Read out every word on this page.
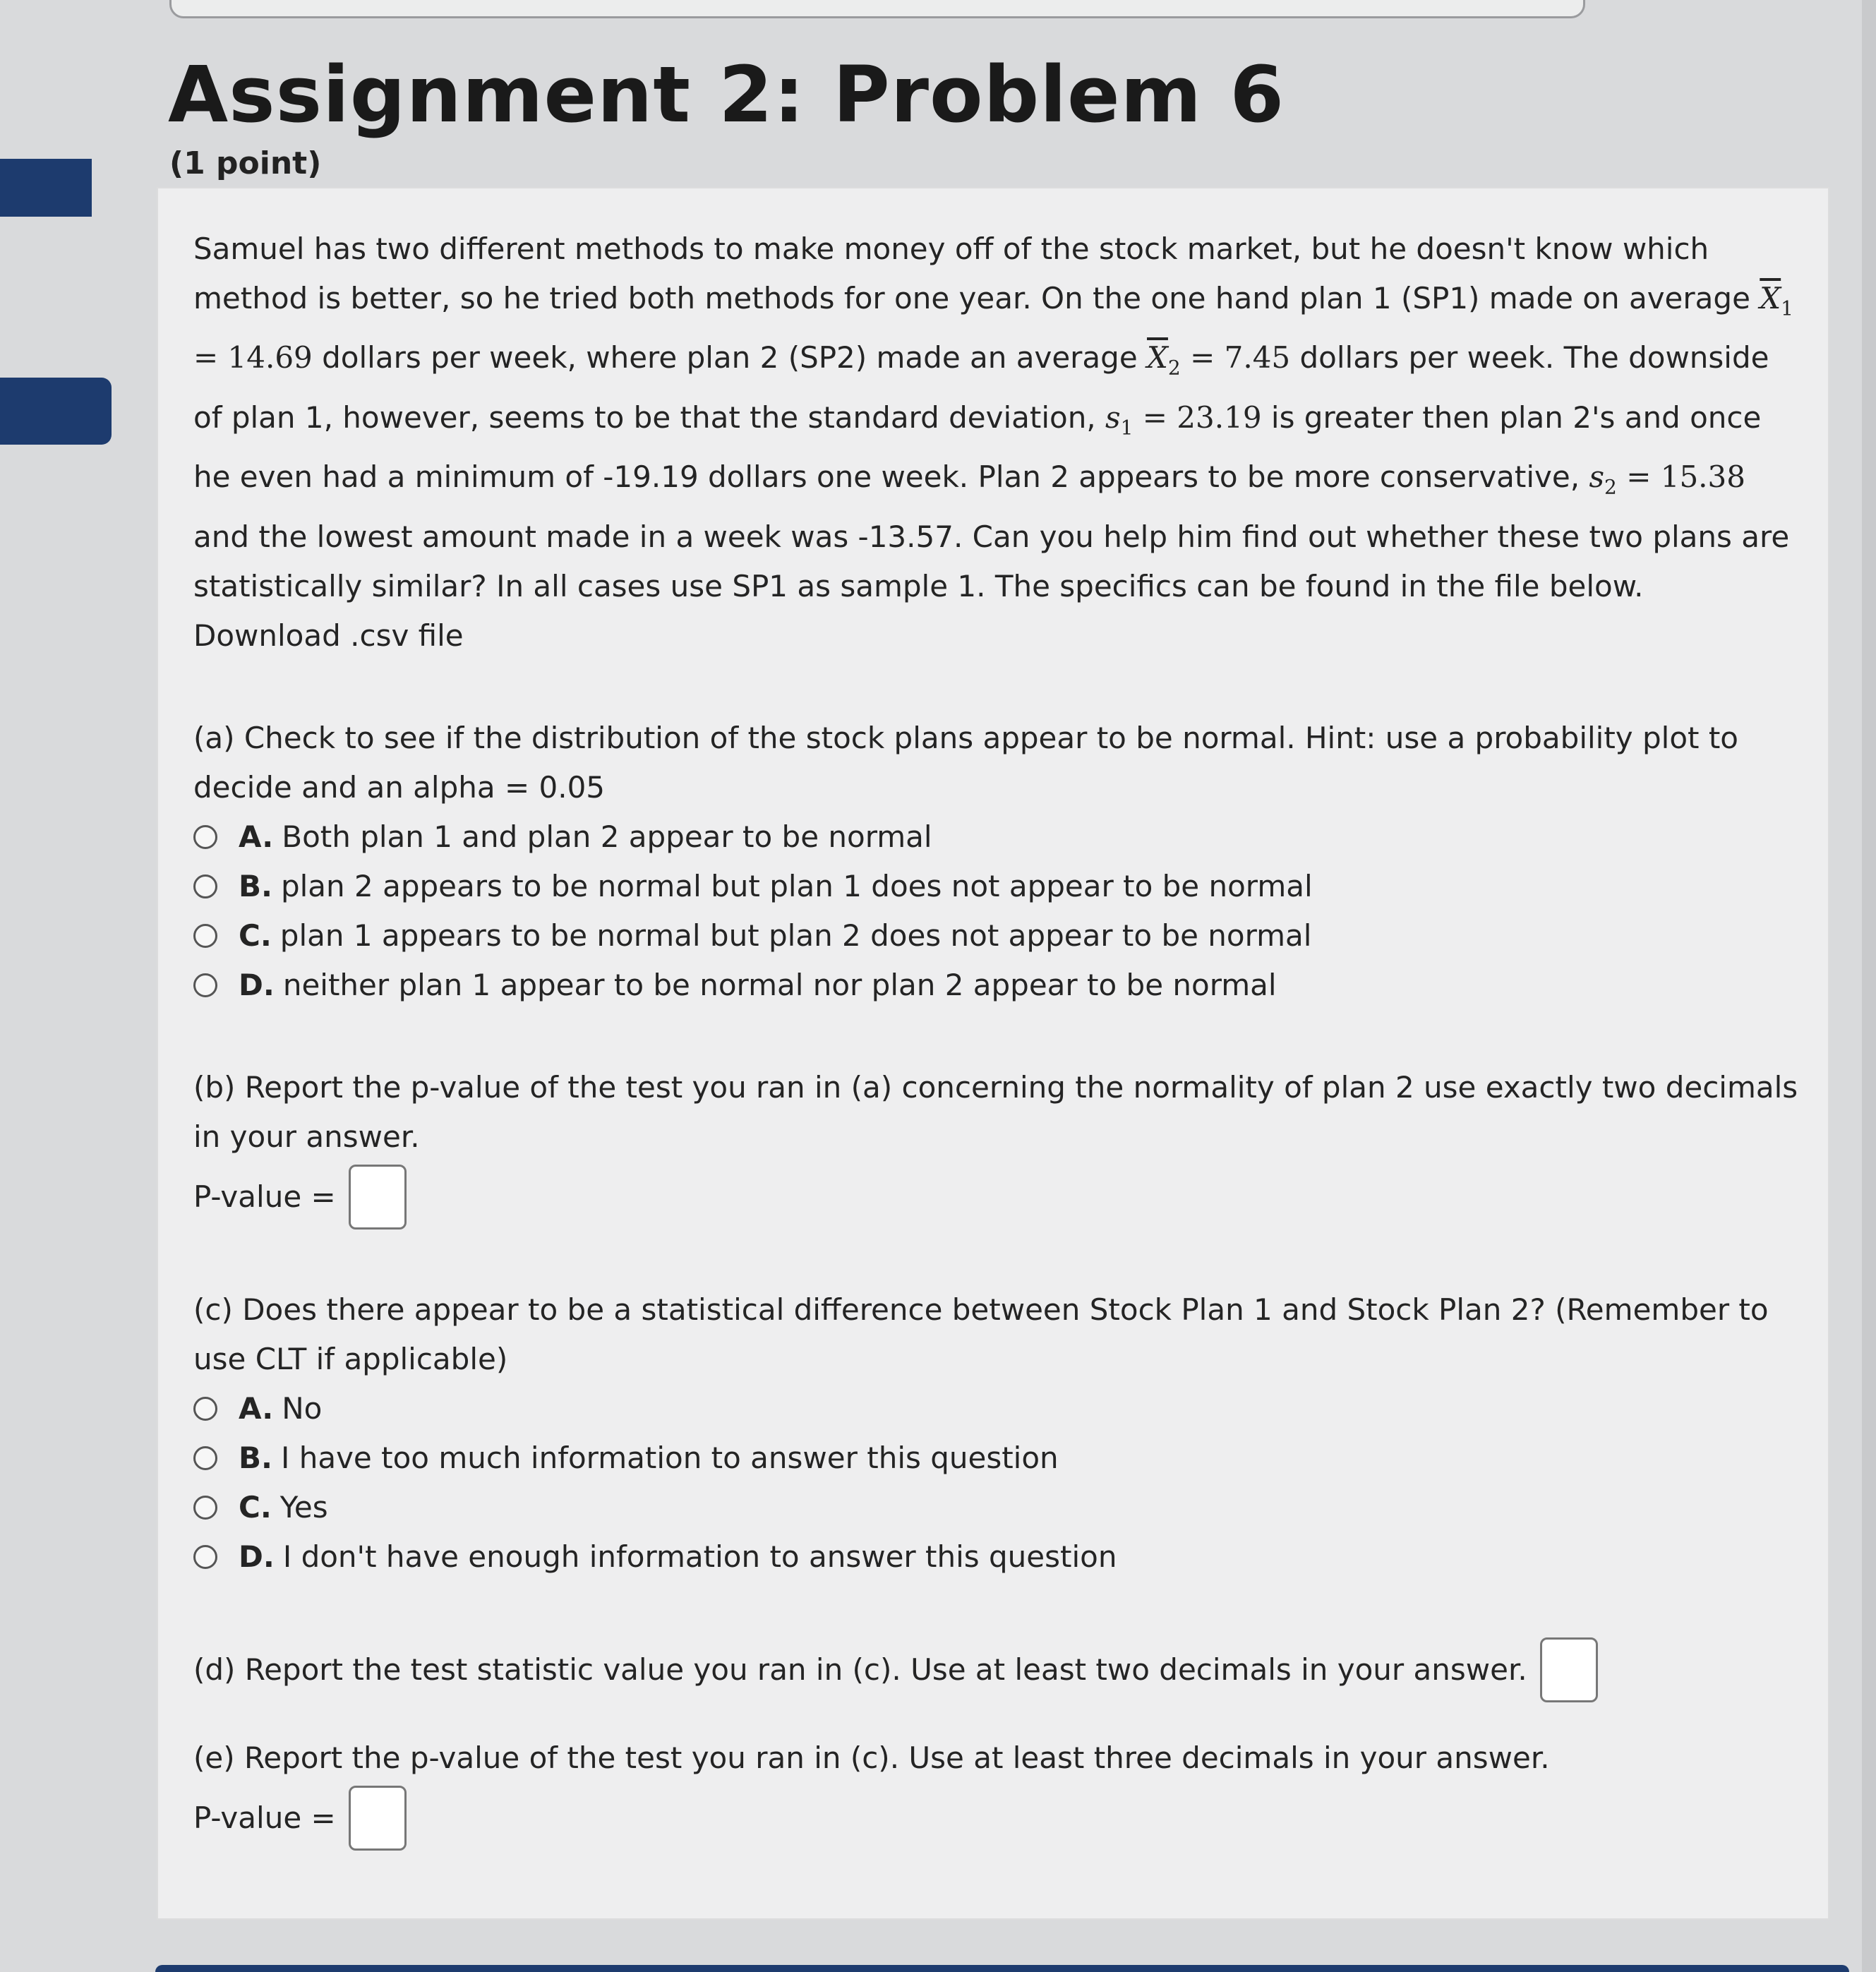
Assignment 2: Problem 6
(1 point)

Samuel has two different methods to make money off of the stock market, but he doesn't know which method is better, so he tried both methods for one year. On the one hand plan 1 (SP1) made on average $\overline{X}_1 = 14.69$ dollars per week, where plan 2 (SP2) made an average $\overline{X}_2 = 7.45$ dollars per week. The downside of plan 1, however, seems to be that the standard deviation, $s_1 = 23.19$ is greater then plan 2's and once he even had a minimum of -19.19 dollars one week. Plan 2 appears to be more conservative, $s_2 = 15.38$ and the lowest amount made in a week was -13.57. Can you help him find out whether these two plans are statistically similar? In all cases use SP1 as sample 1. The specifics can be found in the file below.

Download .csv file

(a) Check to see if the distribution of the stock plans appear to be normal. Hint: use a probability plot to decide and an alpha = 0.05

A. Both plan 1 and plan 2 appear to be normal
B. plan 2 appears to be normal but plan 1 does not appear to be normal
C. plan 1 appears to be normal but plan 2 does not appear to be normal
D. neither plan 1 appear to be normal nor plan 2 appear to be normal

(b) Report the p-value of the test you ran in (a) concerning the normality of plan 2 use exactly two decimals in your answer.

P-value =

(c) Does there appear to be a statistical difference between Stock Plan 1 and Stock Plan 2? (Remember to use CLT if applicable)

A. No
B. I have too much information to answer this question
C. Yes
D. I don't have enough information to answer this question
(d) Report the test statistic value you ran in (c). Use at least two decimals in your answer.

(e) Report the p-value of the test you ran in (c). Use at least three decimals in your answer.

P-value =
